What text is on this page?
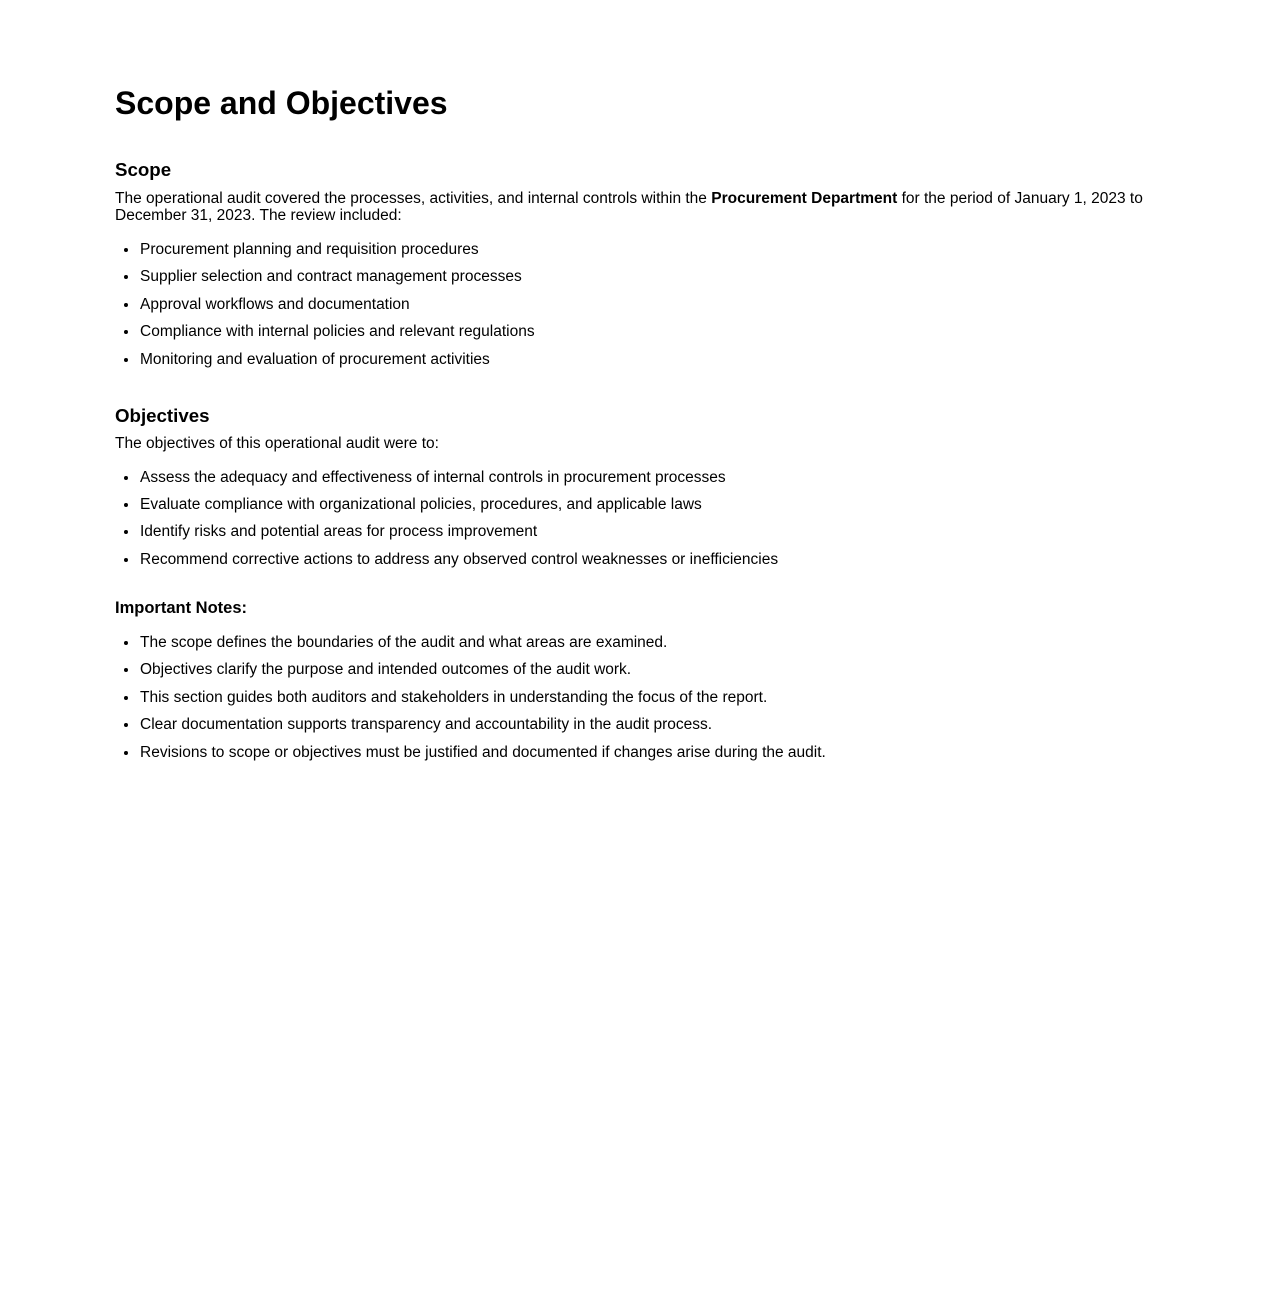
Scope and Objectives
Scope

The operational audit covered the processes, activities, and internal controls within the Procurement Department for the period of January 1, 2023 to December 31, 2023. The review included:

• Procurement planning and requisition procedures
• Supplier selection and contract management processes
• Approval workflows and documentation
• Compliance with internal policies and relevant regulations
• Monitoring and evaluation of procurement activities
Objectives

The objectives of this operational audit were to:

• Assess the adequacy and effectiveness of internal controls in procurement processes
• Evaluate compliance with organizational policies, procedures, and applicable laws
• Identify risks and potential areas for process improvement
• Recommend corrective actions to address any observed control weaknesses or inefficiencies
Important Notes:
• The scope defines the boundaries of the audit and what areas are examined.
• Objectives clarify the purpose and intended outcomes of the audit work.
• This section guides both auditors and stakeholders in understanding the focus of the report.
• Clear documentation supports transparency and accountability in the audit process.
• Revisions to scope or objectives must be justified and documented if changes arise during the audit.
